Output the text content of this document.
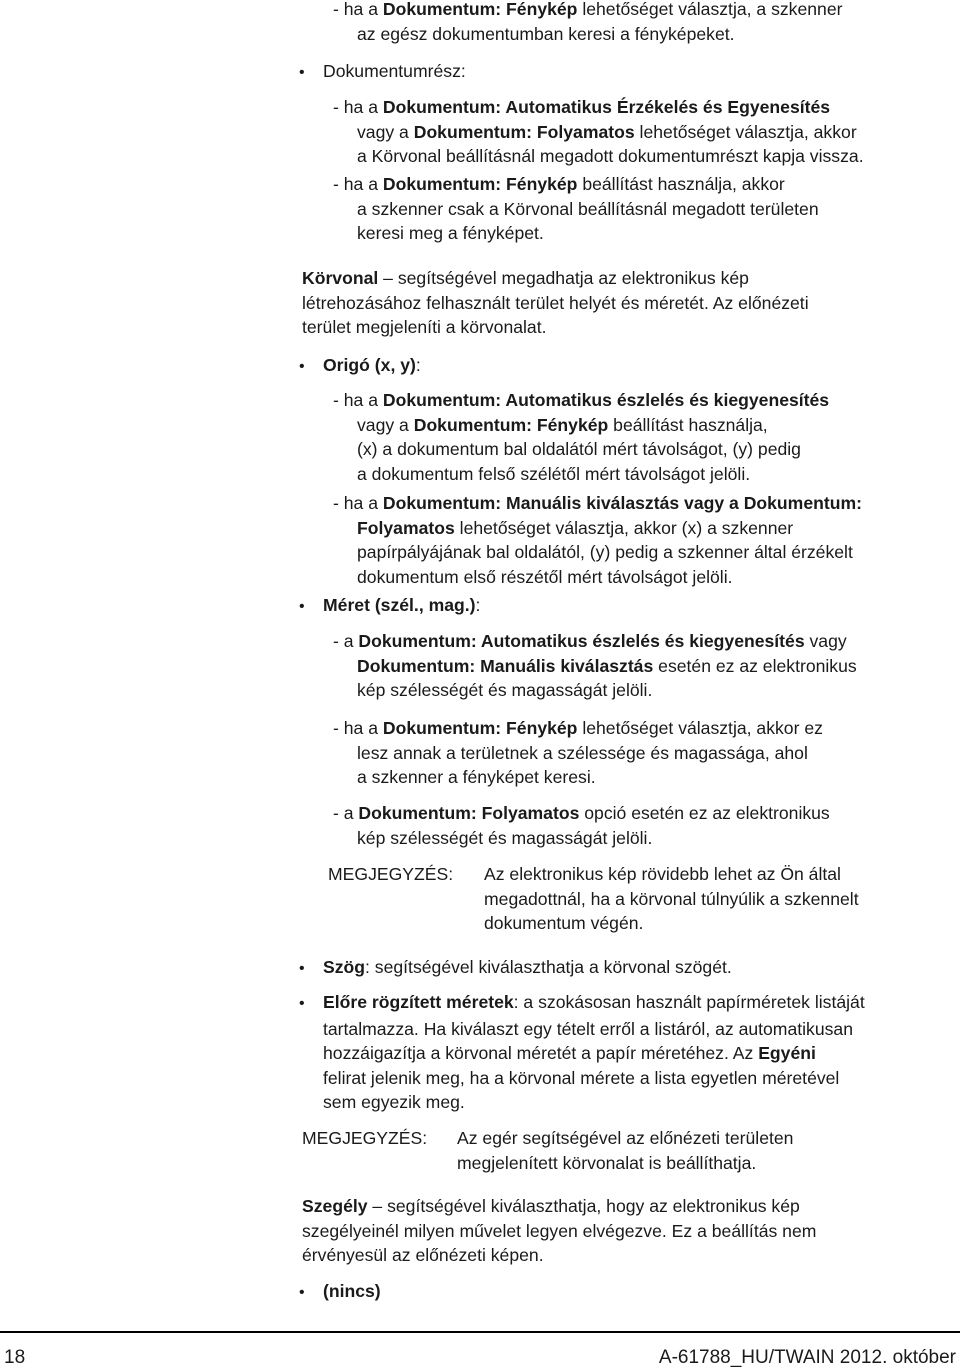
- ha a Dokumentum: Fénykép lehetőséget választja, a szkenner
az egész dokumentumban keresi a fényképeket.
• Dokumentumrész:
- ha a Dokumentum: Automatikus Érzékelés és Egyenesítés
vagy a Dokumentum: Folyamatos lehetőséget választja, akkor
a Körvonal beállításnál megadott dokumentumrészt kapja vissza.
- ha a Dokumentum: Fénykép beállítást használja, akkor
a szkenner csak a Körvonal beállításnál megadott területen
keresi meg a fényképet.
Körvonal – segítségével megadhatja az elektronikus kép
létrehozásához felhasznált terület helyét és méretét. Az előnézeti
terület megjeleníti a körvonalat.
• Origó (x, y):
- ha a Dokumentum: Automatikus észlelés és kiegyenesítés
vagy a Dokumentum: Fénykép beállítást használja,
(x) a dokumentum bal oldalától mért távolságot, (y) pedig
a dokumentum felső szélétől mért távolságot jelöli.
- ha a Dokumentum: Manuális kiválasztás vagy a Dokumentum:
Folyamatos lehetőséget választja, akkor (x) a szkenner
papírpályájának bal oldalától, (y) pedig a szkenner által érzékelt
dokumentum első részétől mért távolságot jelöli.
• Méret (szél., mag.):
- a Dokumentum: Automatikus észlelés és kiegyenesítés vagy
Dokumentum: Manuális kiválasztás esetén ez az elektronikus
kép szélességét és magasságát jelöli.
- ha a Dokumentum: Fénykép lehetőséget választja, akkor ez
lesz annak a területnek a szélessége és magassága, ahol
a szkenner a fényképet keresi.
- a Dokumentum: Folyamatos opció esetén ez az elektronikus
kép szélességét és magasságát jelöli.
• Szög: segítségével kiválaszthatja a körvonal szögét.
• Előre rögzített méretek: a szokásosan használt papírméretek listáját
tartalmazza. Ha kiválaszt egy tételt erről a listáról, az automatikusan
hozzáigazítja a körvonal méretét a papír méretéhez. Az Egyéni
felirat jelenik meg, ha a körvonal mérete a lista egyetlen méretével
sem egyezik meg.
Szegély – segítségével kiválaszthatja, hogy az elektronikus kép
szegélyeinél milyen művelet legyen elvégezve. Ez a beállítás nem
érvényesül az előnézeti képen.
• (nincs)
MEGJEGYZÉS: Az elektronikus kép rövidebb lehet az Ön által
megadottnál, ha a körvonal túlnyúlik a szkennelt
dokumentum végén.
MEGJEGYZÉS: Az egér segítségével az előnézeti területen
megjelenített körvonalat is beállíthatja.
18	A-61788_HU/TWAIN 2012. október
